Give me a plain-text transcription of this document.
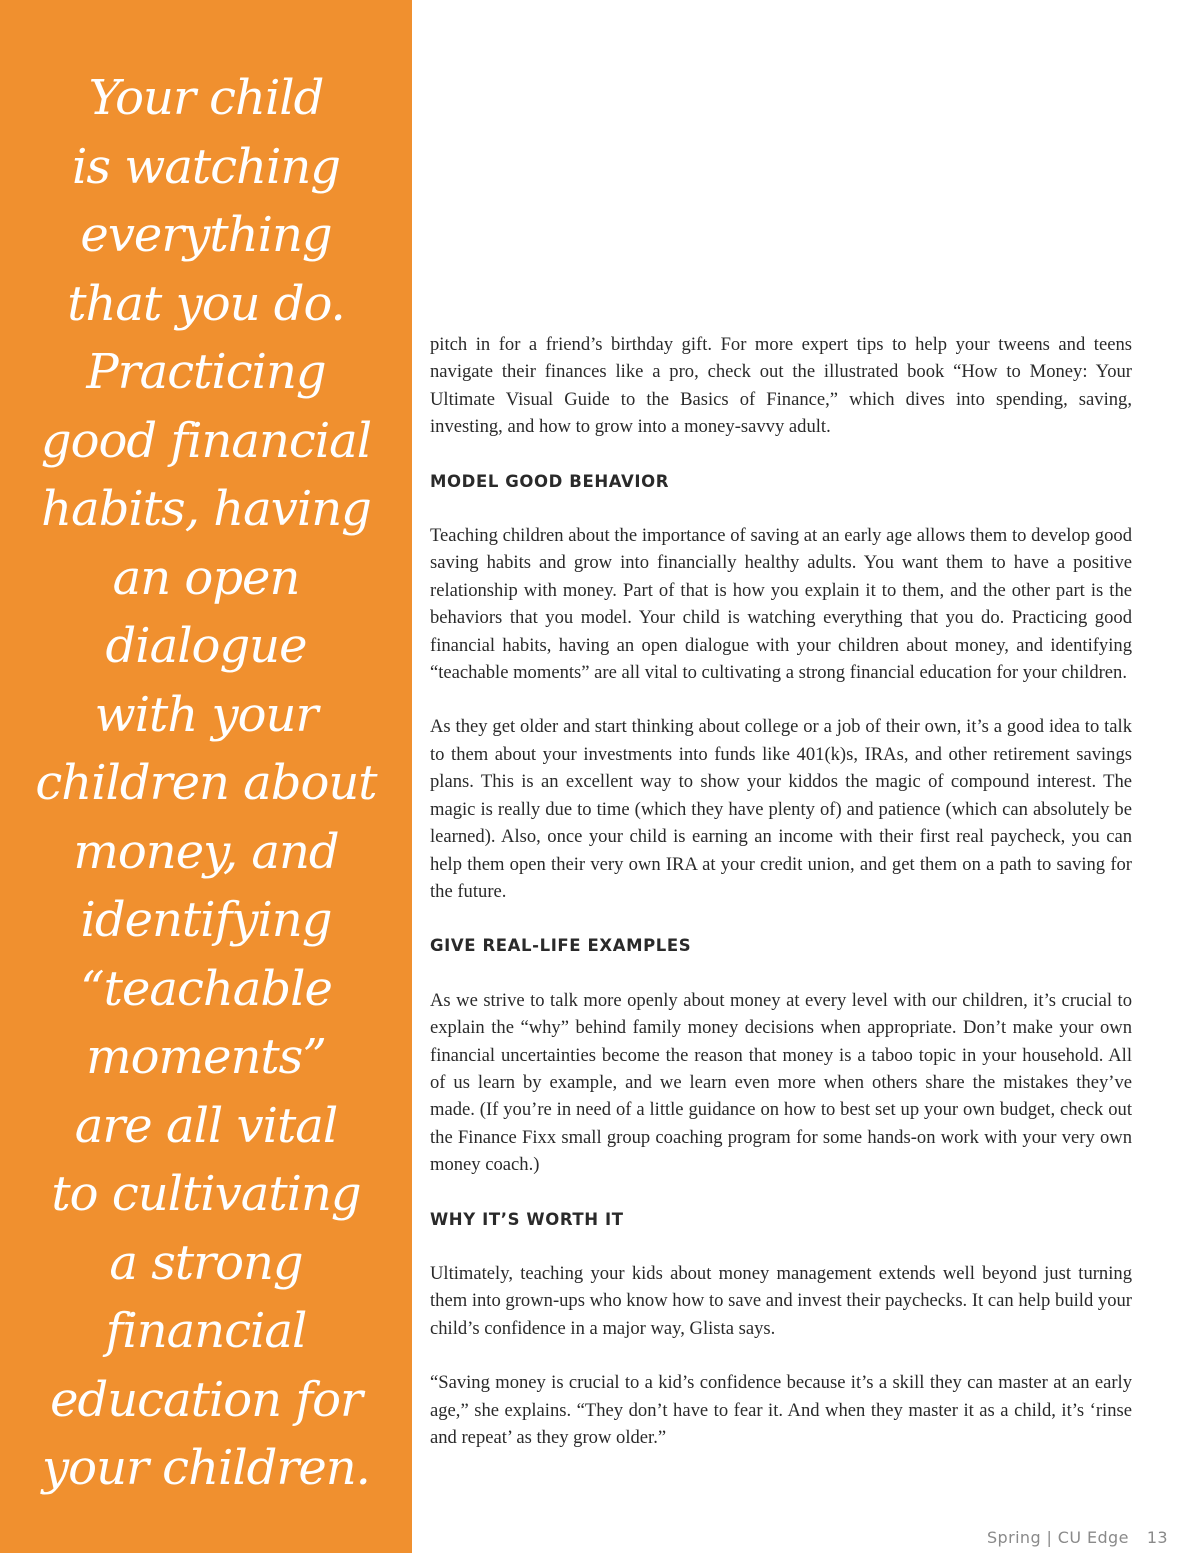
Your child
is watching
everything
that you do.
Practicing
good financial
habits, having
an open
dialogue
with your
children about
money, and
identifying
“teachable
moments”
are all vital
to cultivating
a strong
financial
education for
your children.

pitch in for a friend’s birthday gift. For more expert tips to help your tweens and teens navigate their finances like a pro, check out the illustrated book “How to Money: Your Ultimate Visual Guide to the Basics of Finance,” which dives into spending, saving, investing, and how to grow into a money-savvy adult.

MODEL GOOD BEHAVIOR

Teaching children about the importance of saving at an early age allows them to develop good saving habits and grow into financially healthy adults. You want them to have a positive relationship with money. Part of that is how you explain it to them, and the other part is the behaviors that you model. Your child is watching everything that you do. Practicing good financial habits, having an open dialogue with your children about money, and identifying “teachable moments” are all vital to cultivating a strong financial education for your children.

As they get older and start thinking about college or a job of their own, it’s a good idea to talk to them about your investments into funds like 401(k)s, IRAs, and other retirement savings plans. This is an excellent way to show your kiddos the magic of compound interest. The magic is really due to time (which they have plenty of) and patience (which can absolutely be learned). Also, once your child is earning an income with their first real paycheck, you can help them open their very own IRA at your credit union, and get them on a path to saving for the future.

GIVE REAL-LIFE EXAMPLES

As we strive to talk more openly about money at every level with our children, it’s crucial to explain the “why” behind family money decisions when appropriate. Don’t make your own financial uncertainties become the reason that money is a taboo topic in your household. All of us learn by example, and we learn even more when others share the mistakes they’ve made. (If you’re in need of a little guidance on how to best set up your own budget, check out the Finance Fixx small group coaching program for some hands-on work with your very own money coach.)

WHY IT’S WORTH IT

Ultimately, teaching your kids about money management extends well beyond just turning them into grown-ups who know how to save and invest their paychecks. It can help build your child’s confidence in a major way, Glista says.

“Saving money is crucial to a kid’s confidence because it’s a skill they can master at an early age,” she explains. “They don’t have to fear it. And when they master it as a child, it’s ‘rinse and repeat’ as they grow older.”

Spring | CU Edge 13
